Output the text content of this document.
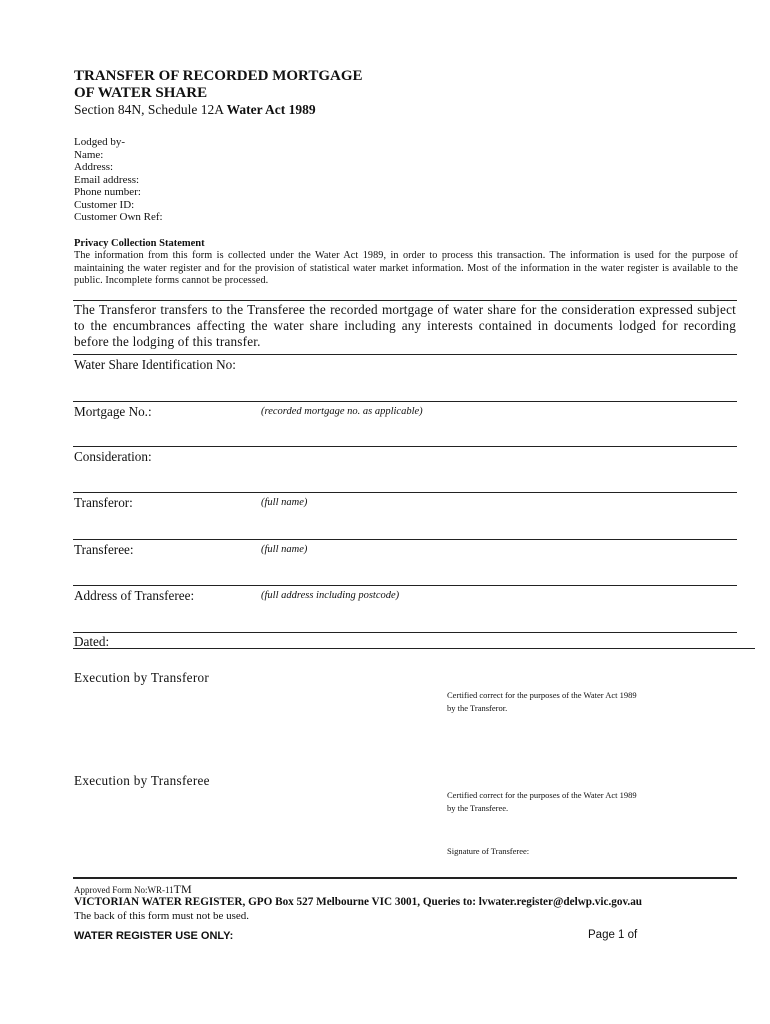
TRANSFER OF RECORDED MORTGAGE
OF WATER SHARE
Section 84N, Schedule 12A Water Act 1989
Lodged by-
Name:
Address:
Email address:
Phone number:
Customer ID:
Customer Own Ref:
Privacy Collection Statement
The information from this form is collected under the Water Act 1989, in order to process this transaction. The information is used for the purpose of maintaining the water register and for the provision of statistical water market information. Most of the information in the water register is available to the public. Incomplete forms cannot be processed.
The Transferor transfers to the Transferee the recorded mortgage of water share for the consideration expressed subject to the encumbrances affecting the water share including any interests contained in documents lodged for recording before the lodging of this transfer.
Water Share Identification No:
Mortgage No.:	(recorded mortgage no. as applicable)
Consideration:
Transferor:	(full name)
Transferee:	(full name)
Address of Transferee:	(full address including postcode)
Dated:
Execution by Transferor
Certified correct for the purposes of the Water Act 1989
by the Transferor.
Execution by Transferee
Certified correct for the purposes of the Water Act 1989
by the Transferee.
Signature of Transferee:
Approved Form No:WR-11TM
VICTORIAN WATER REGISTER, GPO Box 527 Melbourne VIC 3001, Queries to: lvwater.register@delwp.vic.gov.au
The back of this form must not be used.
WATER REGISTER USE ONLY:	Page 1 of
